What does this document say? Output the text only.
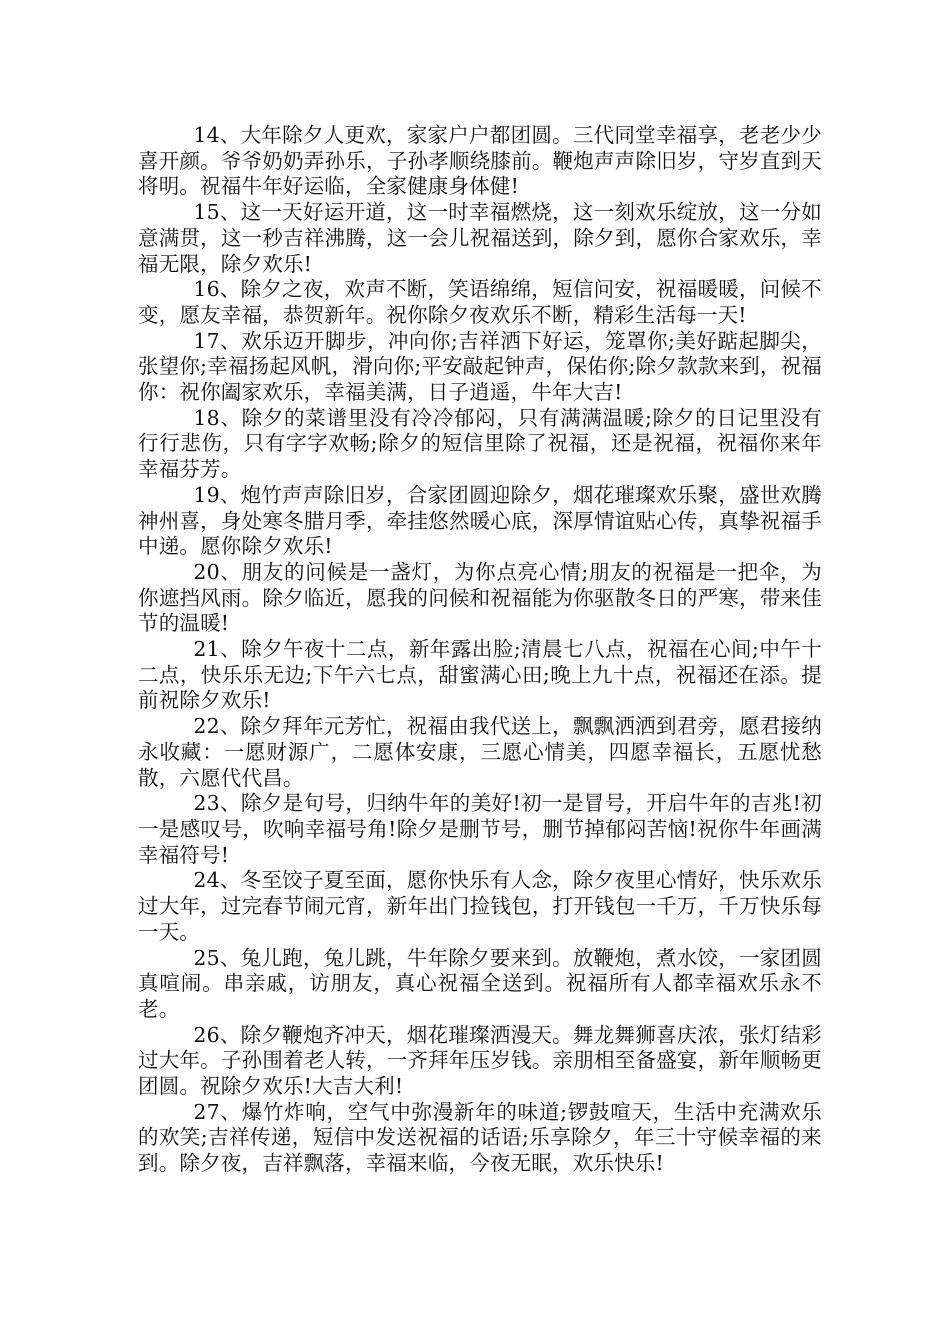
14、大年除夕人更欢，家家户户都团圆。三代同堂幸福享，老老少少喜开颜。爷爷奶奶弄孙乐，子孙孝顺绕膝前。鞭炮声声除旧岁，守岁直到天将明。祝福牛年好运临，全家健康身体健!

15、这一天好运开道，这一时幸福燃烧，这一刻欢乐绽放，这一分如意满贯，这一秒吉祥沸腾，这一会儿祝福送到，除夕到，愿你合家欢乐，幸福无限，除夕欢乐!

16、除夕之夜，欢声不断，笑语绵绵，短信问安，祝福暖暖，问候不变，愿友幸福，恭贺新年。祝你除夕夜欢乐不断，精彩生活每一天!

17、欢乐迈开脚步，冲向你;吉祥洒下好运，笼罩你;美好踮起脚尖，张望你;幸福扬起风帆，滑向你;平安敲起钟声，保佑你;除夕款款来到，祝福你：祝你阖家欢乐，幸福美满，日子逍遥，牛年大吉!

18、除夕的菜谱里没有冷冷郁闷，只有满满温暖;除夕的日记里没有行行悲伤，只有字字欢畅;除夕的短信里除了祝福，还是祝福，祝福你来年幸福芬芳。

19、炮竹声声除旧岁，合家团圆迎除夕，烟花璀璨欢乐聚，盛世欢腾神州喜，身处寒冬腊月季，牵挂悠然暖心底，深厚情谊贴心传，真挚祝福手中递。愿你除夕欢乐!

20、朋友的问候是一盏灯，为你点亮心情;朋友的祝福是一把伞，为你遮挡风雨。除夕临近，愿我的问候和祝福能为你驱散冬日的严寒，带来佳节的温暖!

21、除夕午夜十二点，新年露出脸;清晨七八点，祝福在心间;中午十二点，快乐乐无边;下午六七点，甜蜜满心田;晚上九十点，祝福还在添。提前祝除夕欢乐!

22、除夕拜年元芳忙，祝福由我代送上，飘飘洒洒到君旁，愿君接纳永收藏：一愿财源广，二愿体安康，三愿心情美，四愿幸福长，五愿忧愁散，六愿代代昌。

23、除夕是句号，归纳牛年的美好!初一是冒号，开启牛年的吉兆!初一是感叹号，吹响幸福号角!除夕是删节号，删节掉郁闷苦恼!祝你牛年画满幸福符号!

24、冬至饺子夏至面，愿你快乐有人念，除夕夜里心情好，快乐欢乐过大年，过完春节闹元宵，新年出门捡钱包，打开钱包一千万，千万快乐每一天。

25、兔儿跑，兔儿跳，牛年除夕要来到。放鞭炮，煮水饺，一家团圆真喧闹。串亲戚，访朋友，真心祝福全送到。祝福所有人都幸福欢乐永不老。

26、除夕鞭炮齐冲天，烟花璀璨洒漫天。舞龙舞狮喜庆浓，张灯结彩过大年。子孙围着老人转，一齐拜年压岁钱。亲朋相至备盛宴，新年顺畅更团圆。祝除夕欢乐!大吉大利!

27、爆竹炸响，空气中弥漫新年的味道;锣鼓喧天，生活中充满欢乐的欢笑;吉祥传递，短信中发送祝福的话语;乐享除夕，年三十守候幸福的来到。除夕夜，吉祥飘落，幸福来临，今夜无眠，欢乐快乐!
